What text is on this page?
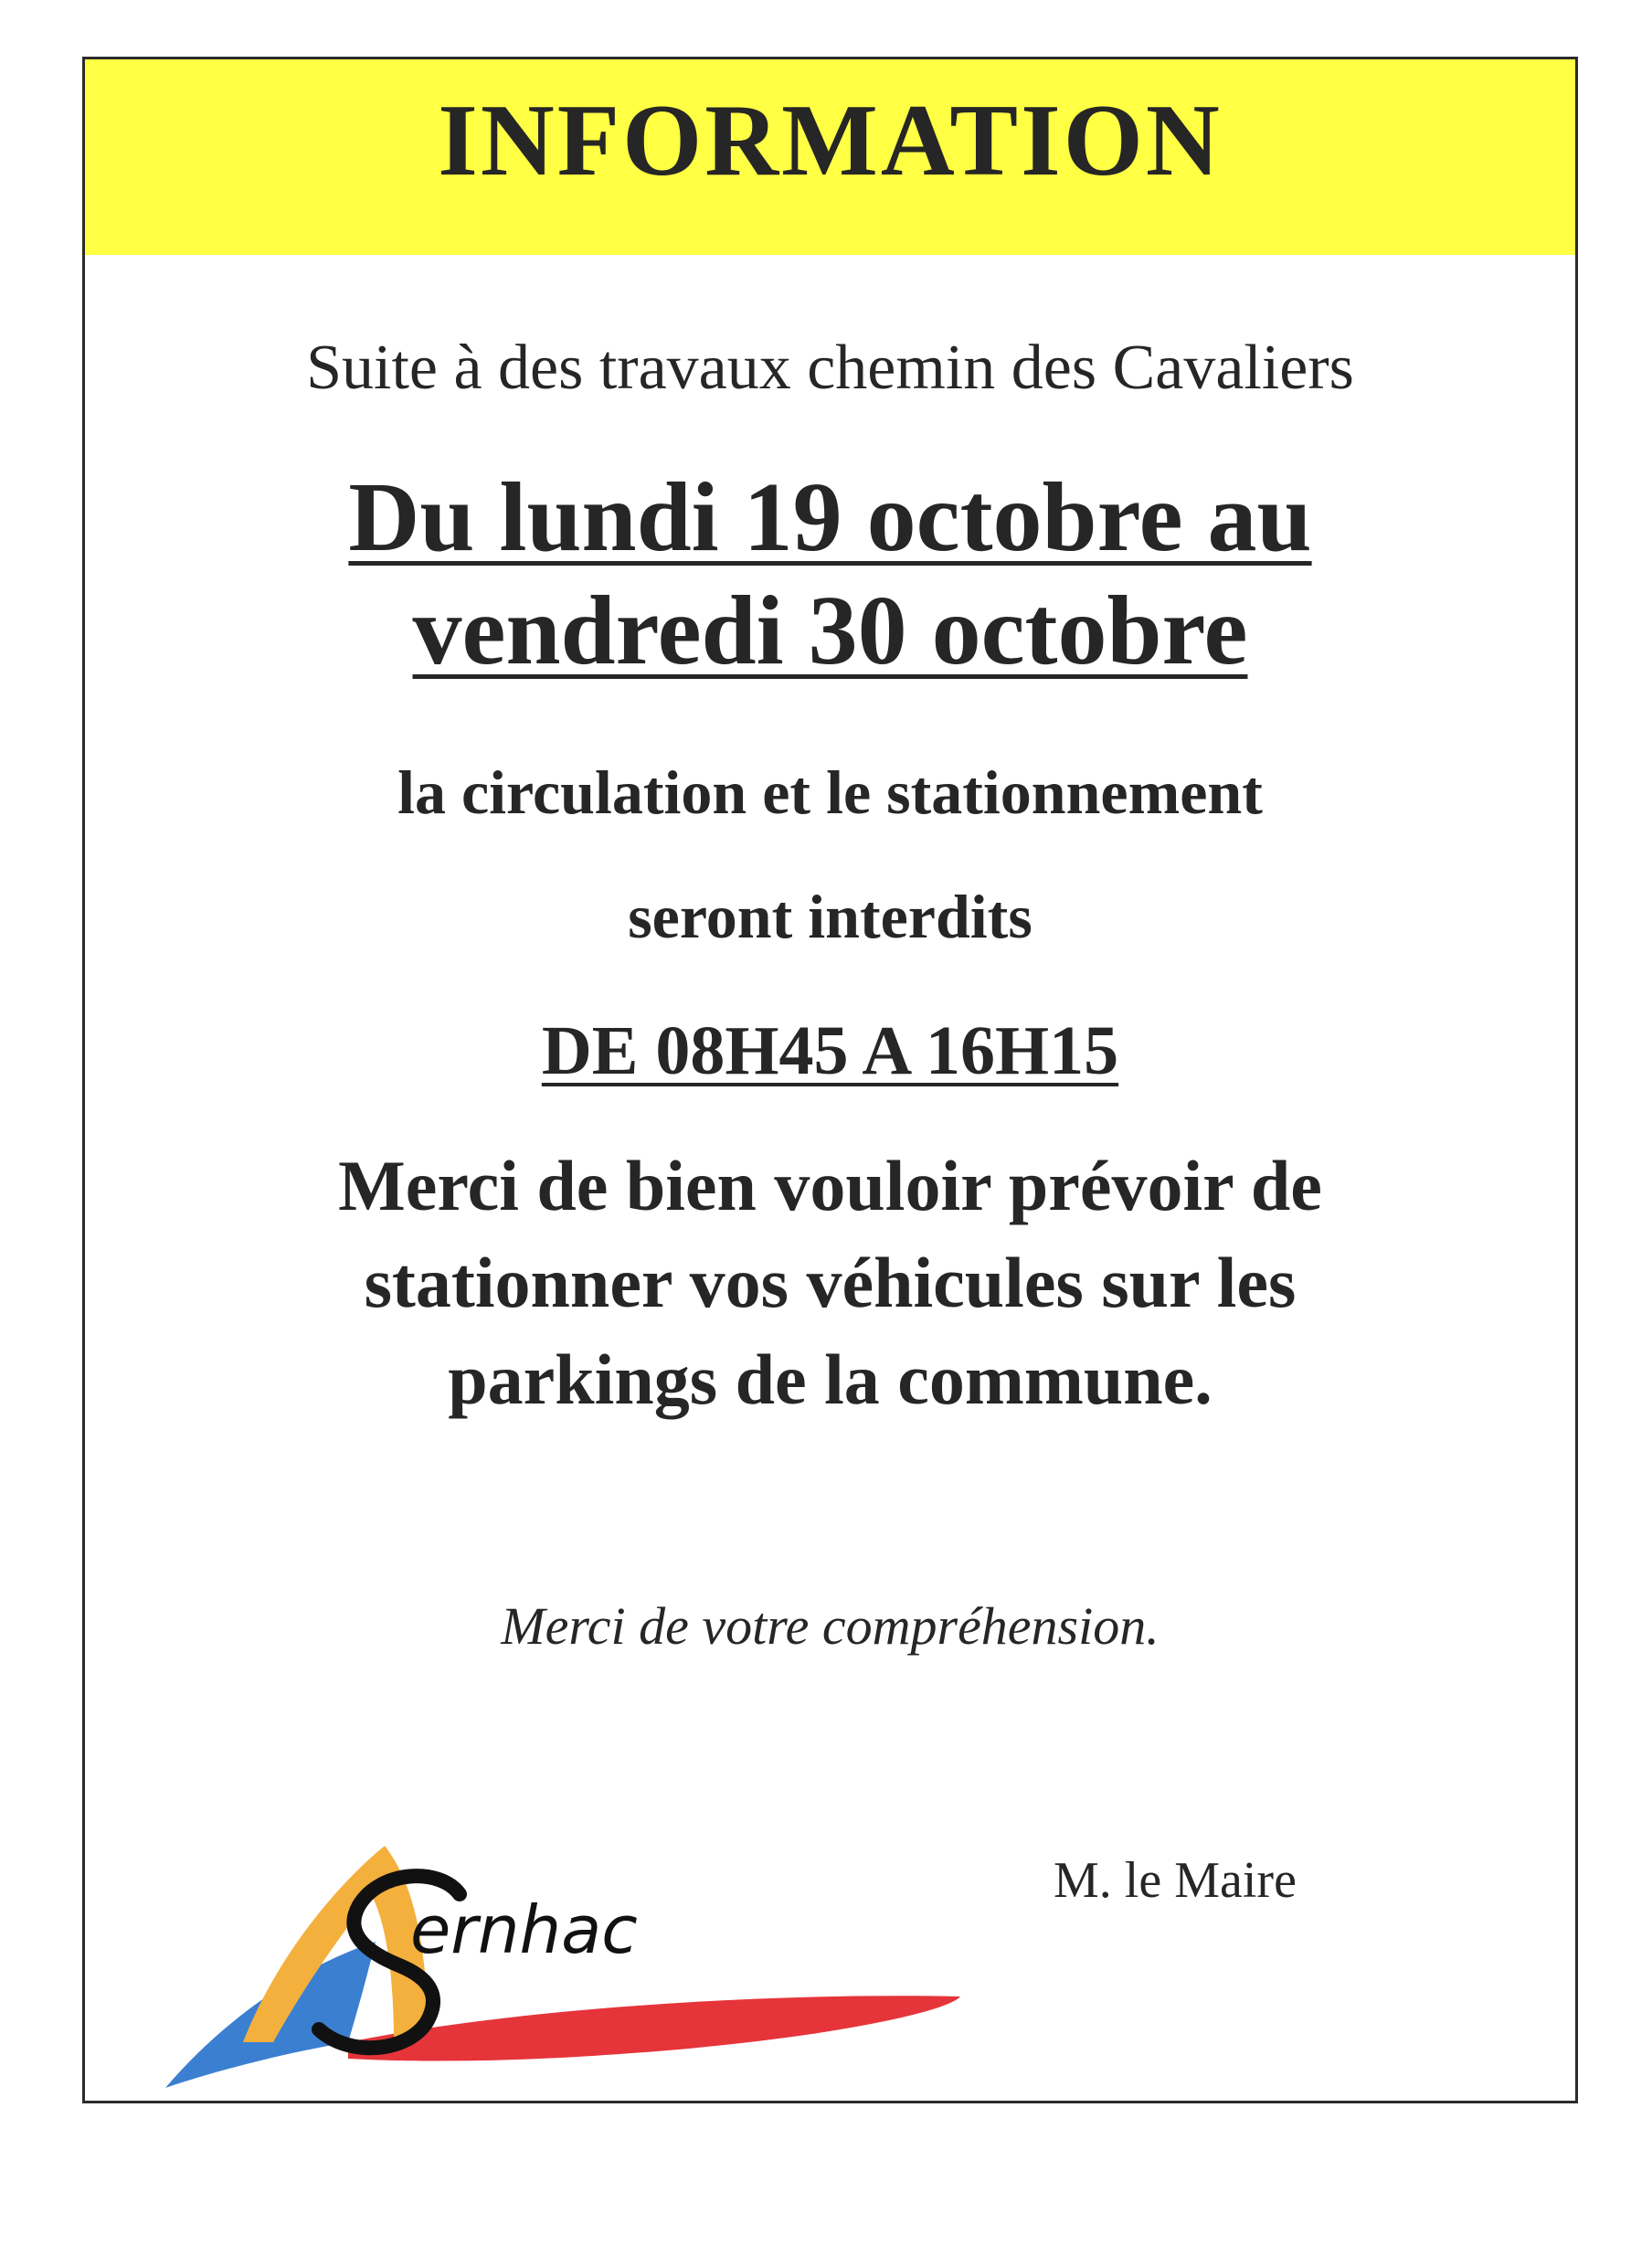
INFORMATION
Suite à des travaux chemin des Cavaliers
Du lundi 19 octobre au
vendredi 30 octobre
la circulation et le stationnement
seront interdits
DE 08H45 A 16H15
Merci de bien vouloir prévoir de
stationner vos véhicules sur les
parkings de la commune.
Merci de votre compréhension.
M. le Maire
ernhac
